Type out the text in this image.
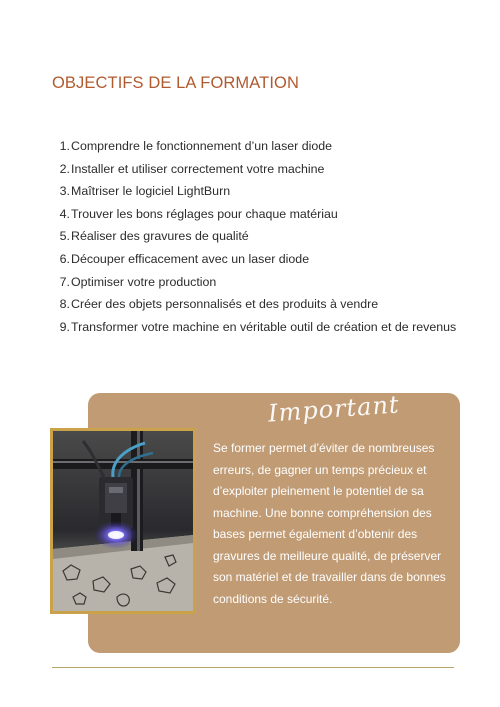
OBJECTIFS DE LA FORMATION
1. Comprendre le fonctionnement d’un laser diode
2. Installer et utiliser correctement votre machine
3. Maîtriser le logiciel LightBurn
4. Trouver les bons réglages pour chaque matériau
5. Réaliser des gravures de qualité
6. Découper efficacement avec un laser diode
7. Optimiser votre production
8. Créer des objets personnalisés et des produits à vendre
9. Transformer votre machine en véritable outil de création et de revenus
Important

Se former permet d’éviter de nombreuses erreurs, de gagner un temps précieux et d’exploiter pleinement le potentiel de sa machine. Une bonne compréhension des bases permet également d’obtenir des gravures de meilleure qualité, de préserver son matériel et de travailler dans de bonnes conditions de sécurité.
